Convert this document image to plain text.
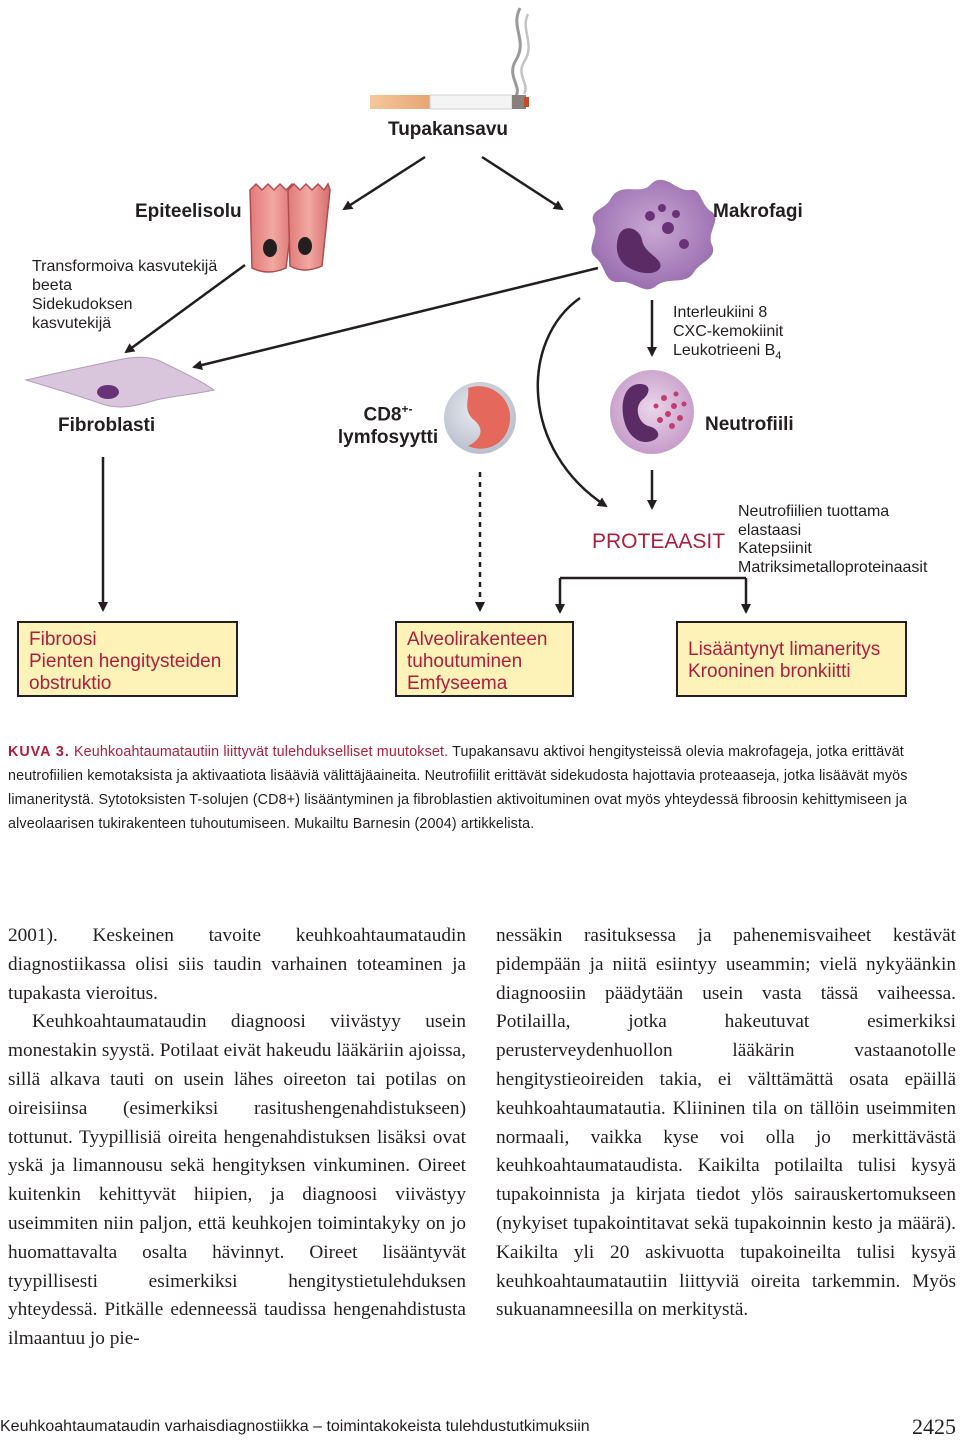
Tupakansavu
Epiteelisolu	Makrofagi
Transformoiva kasvutekijä
beeta
Sidekudoksen
kasvutekijä
Interleukiini 8
CXC-kemokiinit
Leukotrieeni $B_4$
Fibroblasti
CD8+-
lymfosyytti
Neutrofiili
PROTEAASIT
Neutrofiilien tuottama
elastaasi
Katepsiinit
Matriksimetalloproteinaasit
Fibroosi
Pienten hengitysteiden
obstruktio
Alveolirakenteen
tuhoutuminen
Emfyseema
Lisääntynyt limaneritys
Krooninen bronkiitti
KUVA 3. Keuhkoahtaumatautiin liittyvät tulehdukselliset muutokset. Tupakansavu aktivoi hengitysteissä olevia makrofageja, jotka erittävät neutrofiilien kemotaksista ja aktivaatiota lisääviä välittäjäaineita. Neutrofiilit erittävät sidekudosta hajottavia proteaaseja, jotka lisäävät myös limaneritystä. Sytotoksisten T-solujen (CD8+) lisääntyminen ja fibroblastien aktivoituminen ovat myös yhteydessä fibroosin kehittymiseen ja alveolaarisen tukirakenteen tuhoutumiseen. Mukailtu Barnesin (2004) artikkelista.

2001). Keskeinen tavoite keuhkoahtaumataudin diagnostiikassa olisi siis taudin varhainen toteaminen ja tupakasta vieroitus.

Keuhkoahtaumataudin diagnoosi viivästyy usein monestakin syystä. Potilaat eivät hakeudu lääkäriin ajoissa, sillä alkava tauti on usein lähes oireeton tai potilas on oireisiinsa (esimerkiksi rasitushengenahdistukseen) tottunut. Tyypillisiä oireita hengenahdistuksen lisäksi ovat yskä ja limannousu sekä hengityksen vinkuminen. Oireet kuitenkin kehittyvät hiipien, ja diagnoosi viivästyy useimmiten niin paljon, että keuhkojen toimintakyky on jo huomattavalta osalta hävinnyt. Oireet lisääntyvät tyypillisesti esimerkiksi hengitystietulehduksen yhteydessä. Pitkälle edenneessä taudissa hengenahdistusta ilmaantuu jo pie-

nessäkin rasituksessa ja pahenemisvaiheet kestävät pidempään ja niitä esiintyy useammin; vielä nykyäänkin diagnoosiin päädytään usein vasta tässä vaiheessa. Potilailla, jotka hakeutuvat esimerkiksi perusterveydenhuollon lääkärin vastaanotolle hengitystieoireiden takia, ei välttämättä osata epäillä keuhkoahtaumatautia. Kliininen tila on tällöin useimmiten normaali, vaikka kyse voi olla jo merkittävästä keuhkoahtaumataudista. Kaikilta potilailta tulisi kysyä tupakoinnista ja kirjata tiedot ylös sairauskertomukseen (nykyiset tupakointitavat sekä tupakoinnin kesto ja määrä). Kaikilta yli 20 askivuotta tupakoineilta tulisi kysyä keuhkoahtaumatautiin liittyviä oireita tarkemmin. Myös sukuanamneesilla on merkitystä.

Keuhkoahtaumataudin varhaisdiagnostiikka – toimintakokeista tulehdustutkimuksiin	2425
